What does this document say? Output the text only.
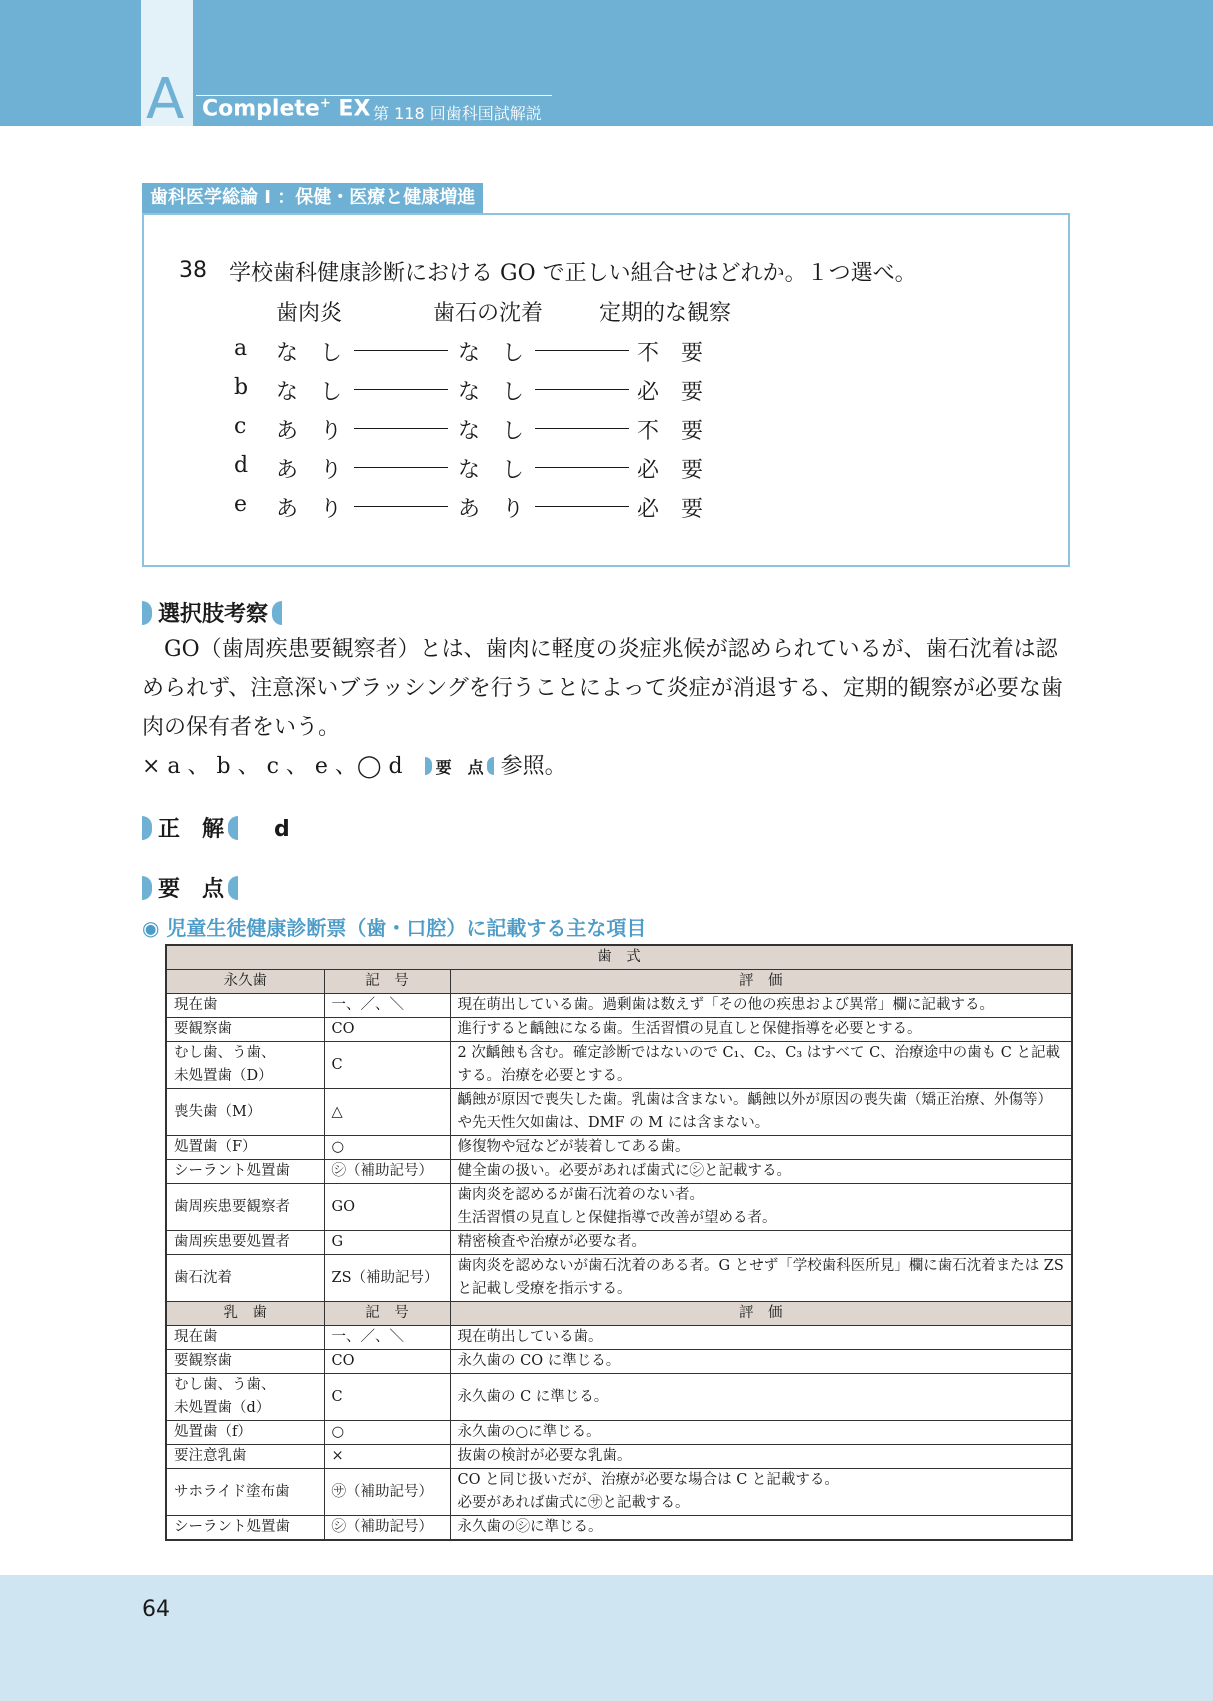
A Complete+ EX 第 118 回歯科国試解説
歯科医学総論 I ：保健・医療と健康増進
38 学校歯科健康診断における GO で正しい組合せはどれか。１つ選べ。
歯肉炎	歯石の沈着	定期的な観察
a な　し	な　し	不　要
b な　し	な　し	必　要
c あ　り	な　し	不　要
d あ　り	な　し	必　要
e あ　り	あ　り	必　要
選択肢考察
GO（歯周疾患要観察者）とは、歯肉に軽度の炎症兆候が認められているが、歯石沈着は認められず、注意深いブラッシングを行うことによって炎症が消退する、定期的観察が必要な歯肉の保有者をいう。
× a 、 b 、 c 、 e 、◯ d　 要　点 参照。
正　解　 d
要　点
◉ 児童生徒健康診断票（歯・口腔）に記載する主な項目
歯　式		
永久歯	記　号	評　価
現在歯	一、／、＼	現在萌出している歯。過剰歯は数えず「その他の疾患および異常」欄に記載する。
要観察歯	CO	進行すると齲蝕になる歯。生活習慣の見直しと保健指導を必要とする。
むし歯、う歯、
未処置歯（D）	C	2 次齲蝕も含む。確定診断ではないので C₁、C₂、C₃ はすべて C、治療途中の歯も C と記載する。治療を必要とする。
喪失歯（M）	△	齲蝕が原因で喪失した歯。乳歯は含まない。齲蝕以外が原因の喪失歯（矯正治療、外傷等）や先天性欠如歯は、DMF の M には含まない。
処置歯（F）	○	修復物や冠などが装着してある歯。
シーラント処置歯	㋛（補助記号）	健全歯の扱い。必要があれば歯式に㋛と記載する。
歯周疾患要観察者	GO	歯肉炎を認めるが歯石沈着のない者。
生活習慣の見直しと保健指導で改善が望める者。
歯周疾患要処置者	G	精密検査や治療が必要な者。
歯石沈着	ZS（補助記号）	歯肉炎を認めないが歯石沈着のある者。G とせず「学校歯科医所見」欄に歯石沈着または ZS と記載し受療を指示する。
乳　歯	記　号	評　価
現在歯	一、／、＼	現在萌出している歯。
要観察歯	CO	永久歯の CO に準じる。
むし歯、う歯、
未処置歯（d）	C	永久歯の C に準じる。
処置歯（f）	○	永久歯の○に準じる。
要注意乳歯	×	抜歯の検討が必要な乳歯。
サホライド塗布歯	㋚（補助記号）	CO と同じ扱いだが、治療が必要な場合は C と記載する。
必要があれば歯式に㋚と記載する。
シーラント処置歯	㋛（補助記号）	永久歯の㋛に準じる。
64
